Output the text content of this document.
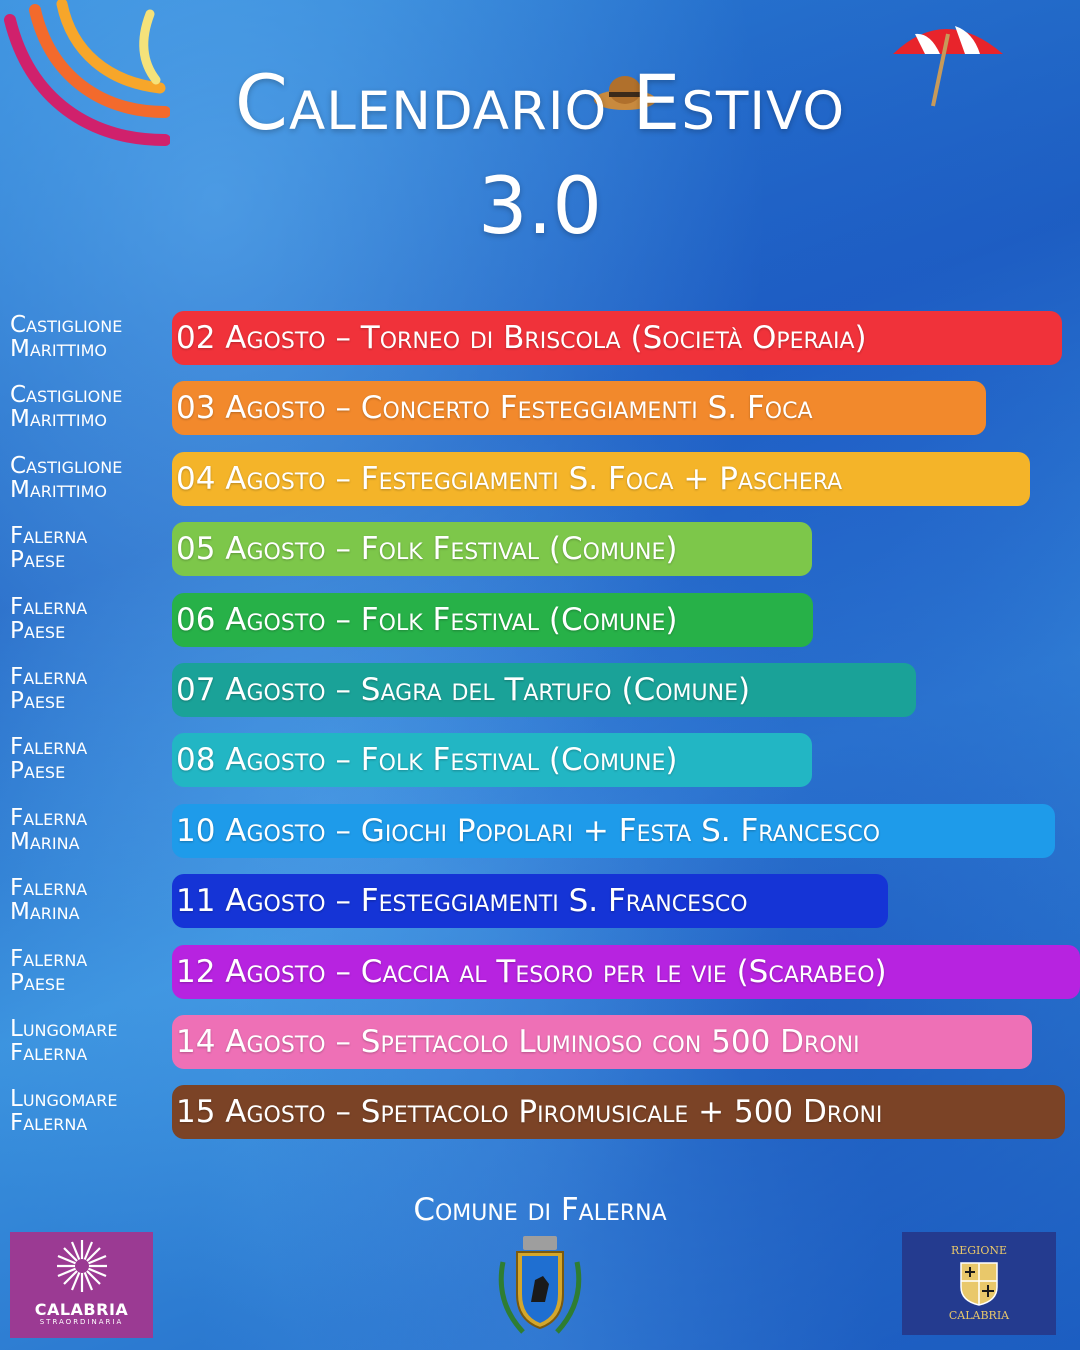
Calendario Estivo
3.0
Castiglione
Marittimo	02 Agosto – Torneo di Briscola (Società Operaia)
Castiglione
Marittimo	03 Agosto – Concerto Festeggiamenti S. Foca
Castiglione
Marittimo	04 Agosto – Festeggiamenti S. Foca + Paschera
Falerna
Paese	05 Agosto – Folk Festival (Comune)
Falerna
Paese	06 Agosto – Folk Festival (Comune)
Falerna
Paese	07 Agosto – Sagra del Tartufo (Comune)
Falerna
Paese	08 Agosto – Folk Festival (Comune)
Falerna
Marina	10 Agosto – Giochi Popolari + Festa S. Francesco
Falerna
Marina	11 Agosto – Festeggiamenti S. Francesco
Falerna
Paese	12 Agosto – Caccia al Tesoro per le vie (Scarabeo)
Lungomare
Falerna	14 Agosto – Spettacolo Luminoso con 500 Droni
Lungomare
Falerna	15 Agosto – Spettacolo Piromusicale + 500 Droni
Comune di Falerna
CALABRIA
STRAORDINARIA
REGIONE
CALABRIA
